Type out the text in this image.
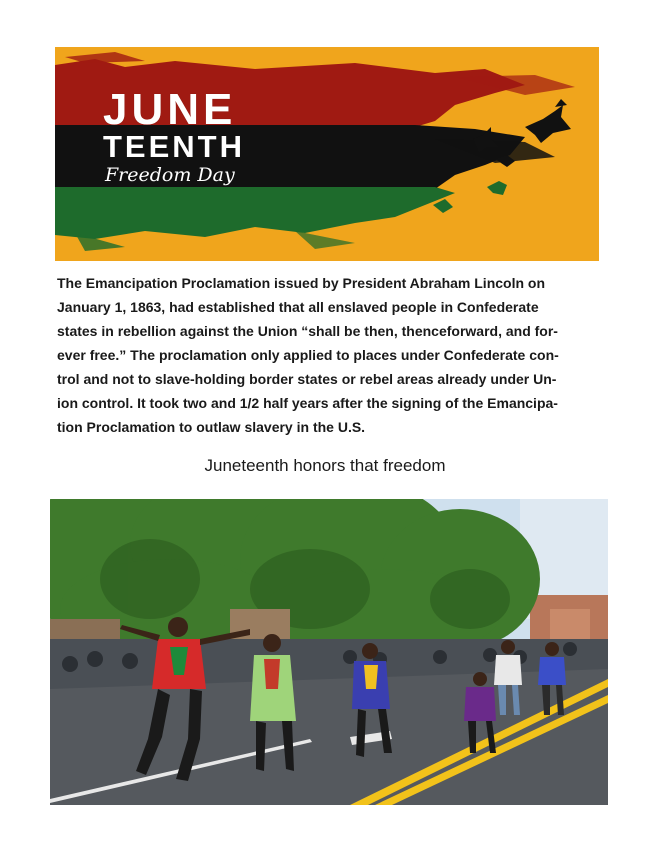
JUNE

TEENTH

Freedom Day

The Emancipation Proclamation issued by President Abraham Lincoln on
January 1, 1863, had established that all enslaved people in Confederate
states in rebellion against the Union “shall be then, thenceforward, and for-
ever free.” The proclamation only applied to places under Confederate con-
trol and not to slave-holding border states or rebel areas already under Un-
ion control. It took two and 1/2 half years after the signing of the Emancipa-
tion Proclamation to outlaw slavery in the U.S.

Juneteenth honors that freedom
